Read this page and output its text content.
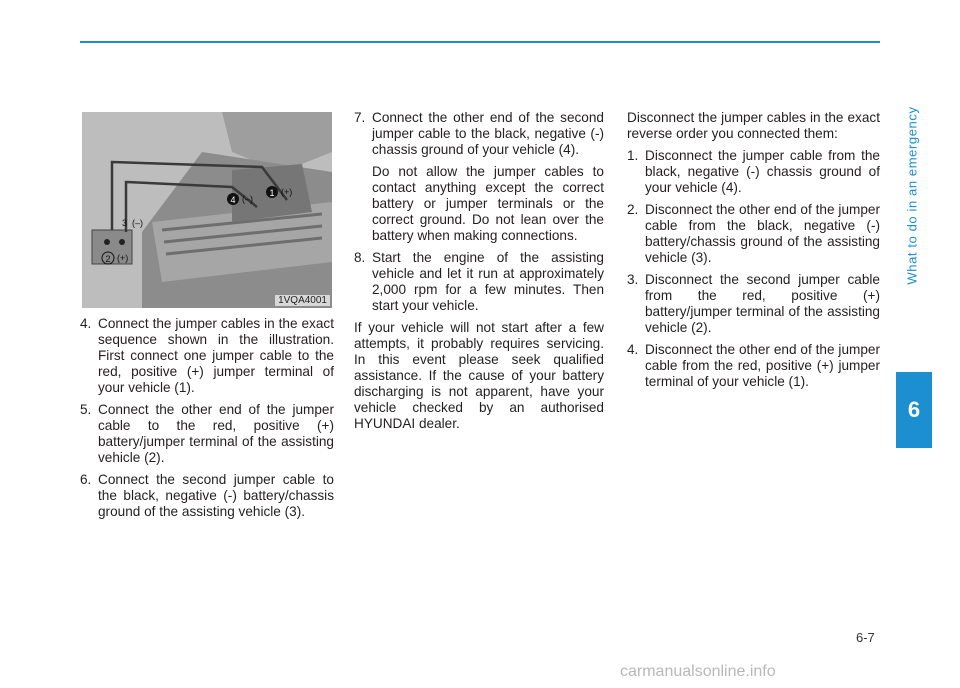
What to do in an emergency
6
1 (+)
4 (–)
3 (–)
2 (+)
1VQA4001
4. Connect the jumper cables in the exact sequence shown in the illustration. First connect one jumper cable to the red, positive (+) jumper terminal of your vehicle (1).
5. Connect the other end of the jumper cable to the red, positive (+) battery/jumper terminal of the assisting vehicle (2).
6. Connect the second jumper cable to the black, negative (-) battery/chassis ground of the assisting vehicle (3).
7. Connect the other end of the second jumper cable to the black, negative (-) chassis ground of your vehicle (4).

Do not allow the jumper cables to contact anything except the correct battery or jumper terminals or the correct ground. Do not lean over the battery when making connections.

8. Start the engine of the assisting vehicle and let it run at approximately 2,000 rpm for a few minutes. Then start your vehicle.

If your vehicle will not start after a few attempts, it probably requires servicing. In this event please seek qualified assistance. If the cause of your battery discharging is not apparent, have your vehicle checked by an authorised HYUNDAI dealer.

Disconnect the jumper cables in the exact reverse order you connected them:

1. Disconnect the jumper cable from the black, negative (-) chassis ground of your vehicle (4).
2. Disconnect the other end of the jumper cable from the black, negative (-) battery/chassis ground of the assisting vehicle (3).
3. Disconnect the second jumper cable from the red, positive (+) battery/jumper terminal of the assisting vehicle (2).
4. Disconnect the other end of the jumper cable from the red, positive (+) jumper terminal of your vehicle (1).
6-7
carmanualsonline.info
